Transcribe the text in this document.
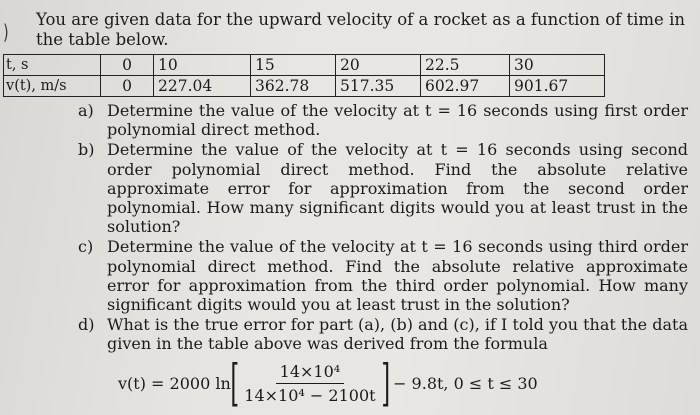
)
You are given data for the upward velocity of a rocket as a function of time in the table below.
t, s	0	10	15	20	22.5	30
v(t), m/s	0	227.04	362.78	517.35	602.97	901.67
a) Determine the value of the velocity at t = 16 seconds using first order polynomial direct method.
b) Determine the value of the velocity at t = 16 seconds using second order polynomial direct method. Find the absolute relative approximate error for approximation from the second order polynomial. How many significant digits would you at least trust in the solution?
c) Determine the value of the velocity at t = 16 seconds using third order polynomial direct method. Find the absolute relative approximate error for approximation from the third order polynomial. How many significant digits would you at least trust in the solution?
d) What is the true error for part (a), (b) and (c), if I told you that the data given in the table above was derived from the formula
v(t) = 2000 ln [ $\frac{\text{14×10⁴}}{\text{14×10⁴ − 2100t}}$ ] − 9.8t, 0 ≤ t ≤ 30
